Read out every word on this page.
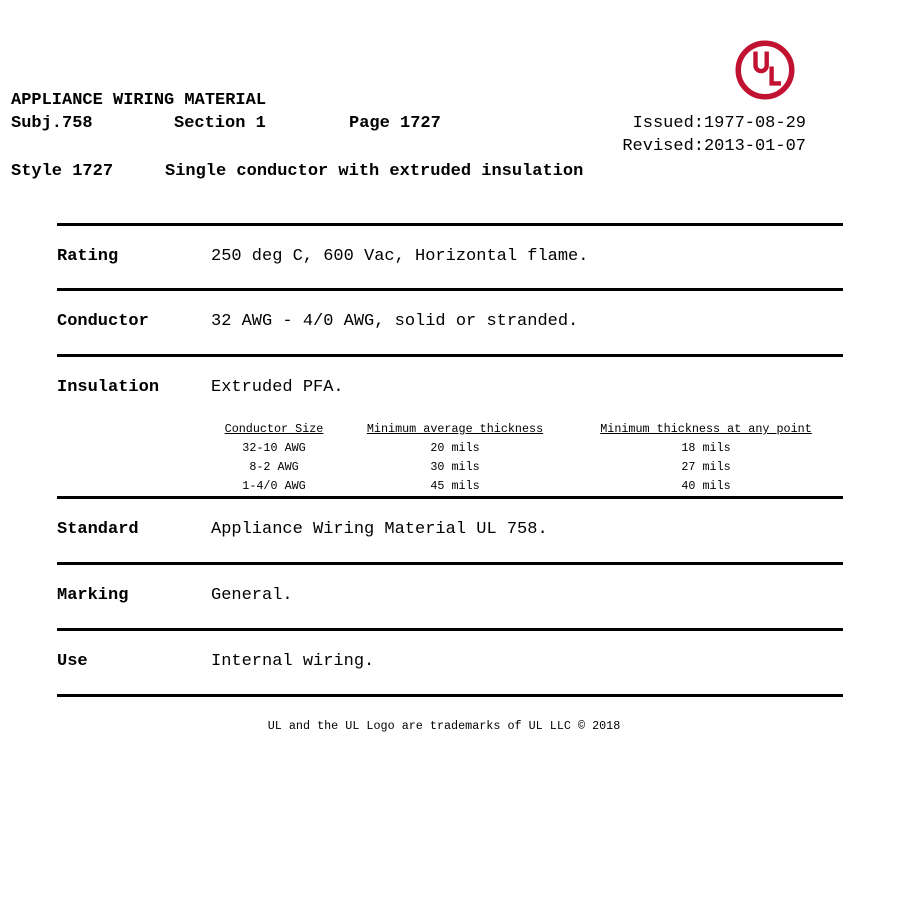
APPLIANCE WIRING MATERIAL
Subj.758	Section 1	Page 1727	Issued:1977-08-29
Revised:2013-01-07
Style 1727	Single conductor with extruded insulation
Rating	250 deg C, 600 Vac, Horizontal flame.
Conductor	32 AWG - 4/0 AWG, solid or stranded.
Insulation	Extruded PFA.
Conductor Size	Minimum average thickness	Minimum thickness at any point
32-10 AWG	20 mils	18 mils
8-2 AWG	30 mils	27 mils
1-4/0 AWG	45 mils	40 mils
Standard	Appliance Wiring Material UL 758.
Marking	General.
Use	Internal wiring.
UL and the UL Logo are trademarks of UL LLC © 2018
